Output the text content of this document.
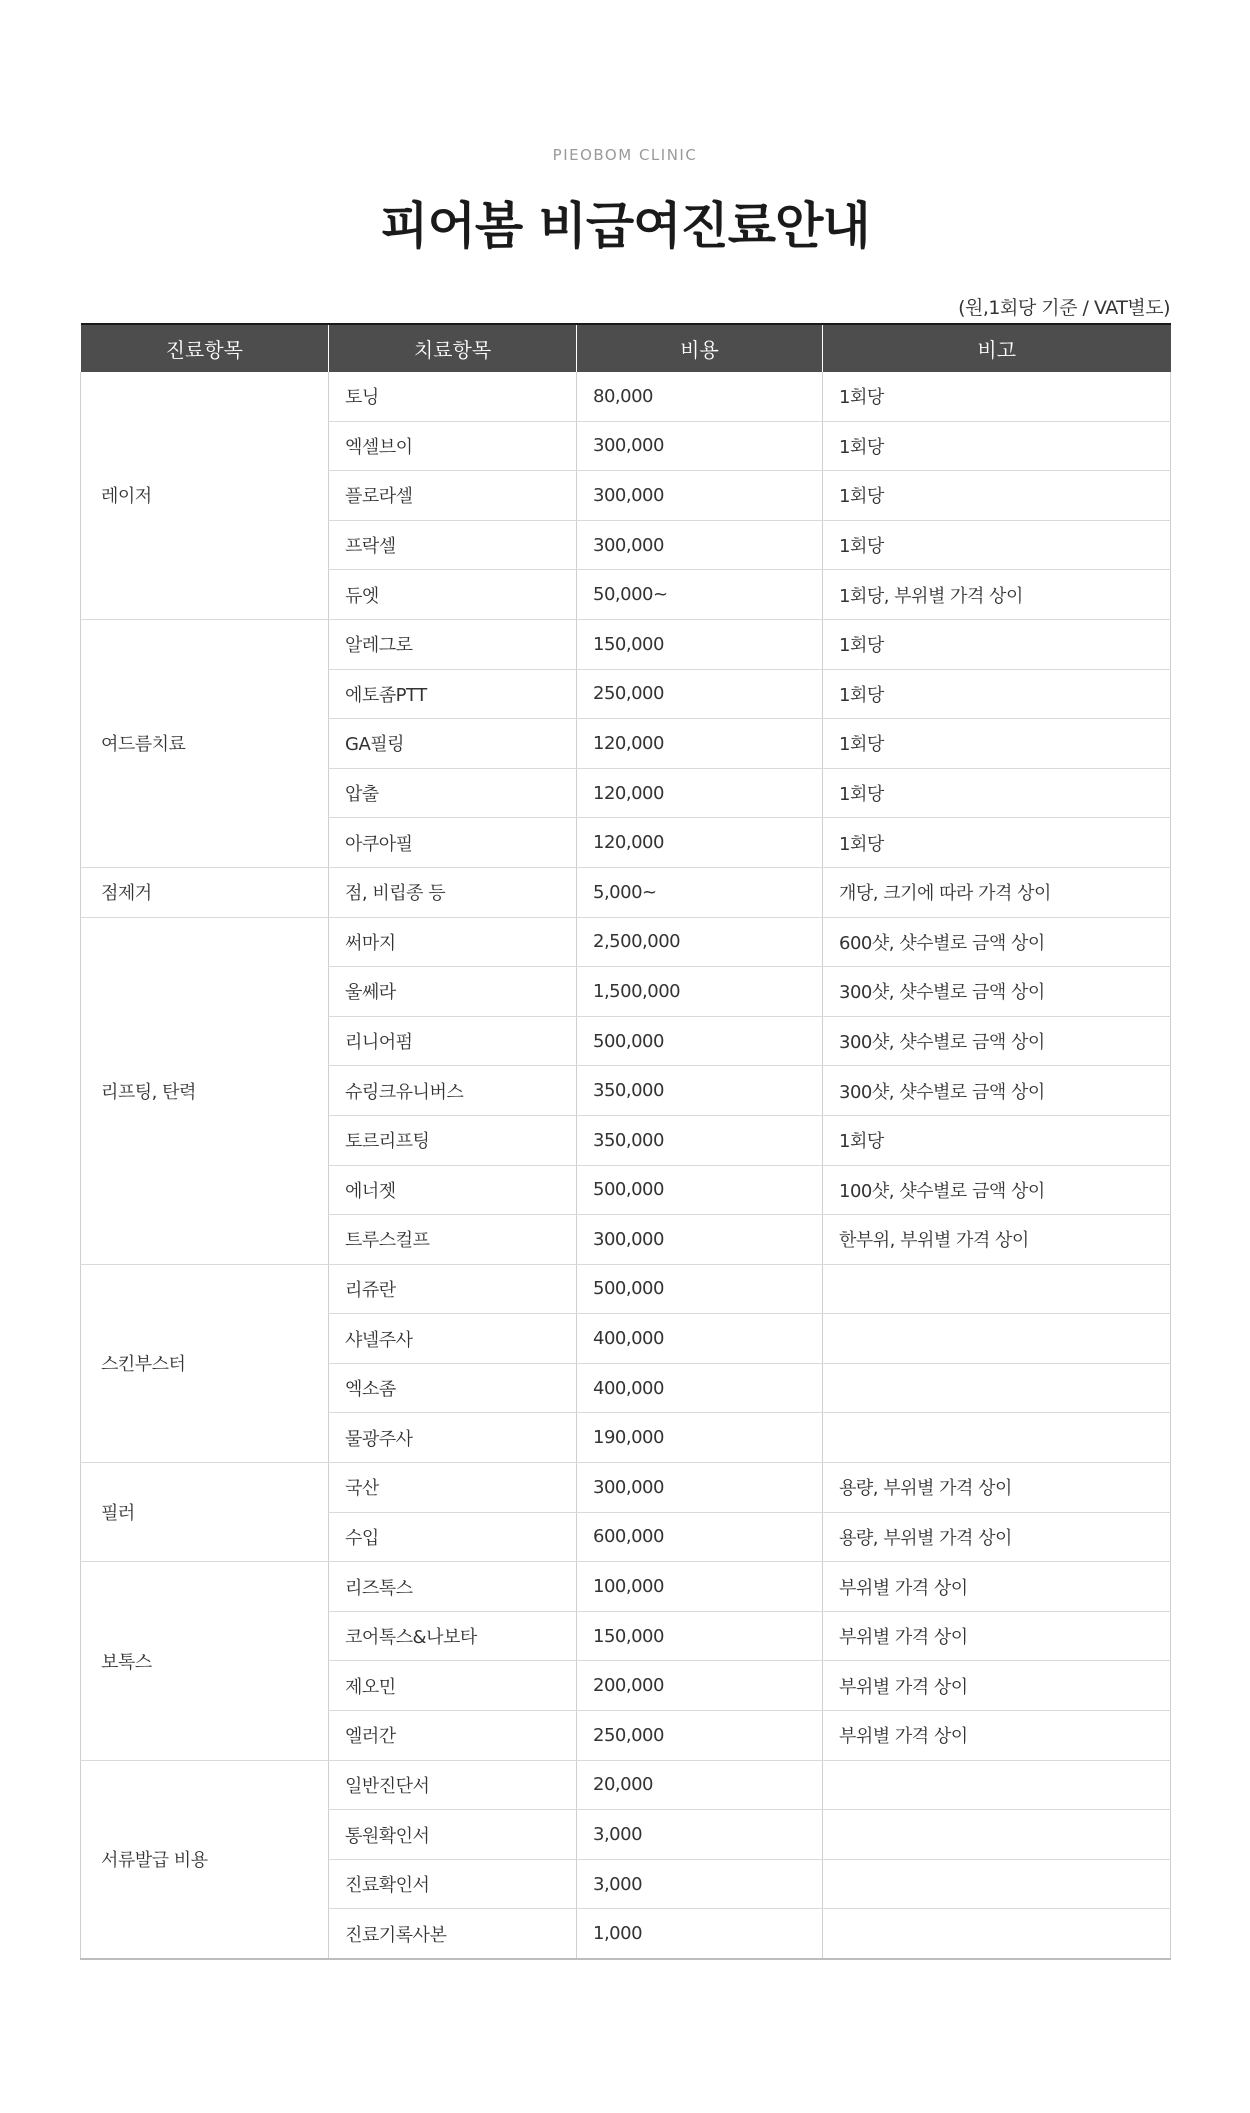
PIEOBOM CLINIC
피어봄 비급여진료안내
(원,1회당 기준 / VAT별도)
진료항목	치료항목	비용	비고
레이저	토닝	80,000	1회당
	엑셀브이	300,000	1회당
	플로라셀	300,000	1회당
	프락셀	300,000	1회당
	듀엣	50,000~	1회당, 부위별 가격 상이
여드름치료	알레그로	150,000	1회당
	에토좀PTT	250,000	1회당
	GA필링	120,000	1회당
	압출	120,000	1회당
	아쿠아필	120,000	1회당
점제거	점, 비립종 등	5,000~	개당, 크기에 따라 가격 상이
리프팅, 탄력	써마지	2,500,000	600샷, 샷수별로 금액 상이
	울쎄라	1,500,000	300샷, 샷수별로 금액 상이
	리니어펌	500,000	300샷, 샷수별로 금액 상이
	슈링크유니버스	350,000	300샷, 샷수별로 금액 상이
	토르리프팅	350,000	1회당
	에너젯	500,000	100샷, 샷수별로 금액 상이
	트루스컬프	300,000	한부위, 부위별 가격 상이
스킨부스터	리쥬란	500,000	
	샤넬주사	400,000	
	엑소좀	400,000	
	물광주사	190,000	
필러	국산	300,000	용량, 부위별 가격 상이
	수입	600,000	용량, 부위별 가격 상이
보톡스	리즈톡스	100,000	부위별 가격 상이
	코어톡스&나보타	150,000	부위별 가격 상이
	제오민	200,000	부위별 가격 상이
	엘러간	250,000	부위별 가격 상이
서류발급 비용	일반진단서	20,000	
	통원확인서	3,000	
	진료확인서	3,000	
	진료기록사본	1,000	
